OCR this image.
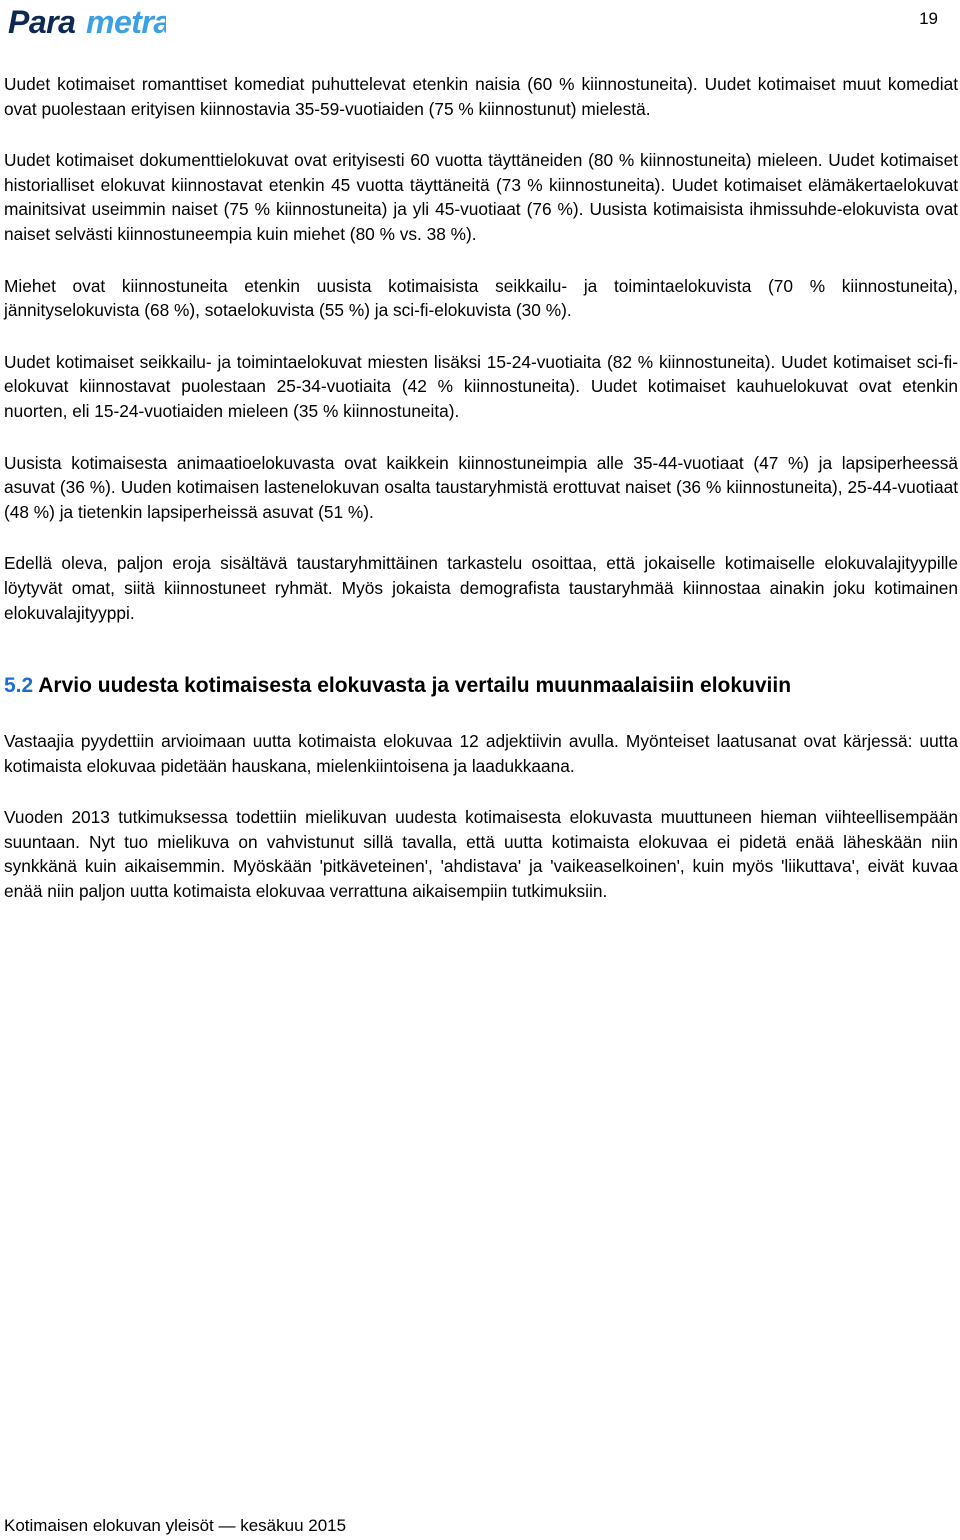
Para metra	19

Uudet kotimaiset romanttiset komediat puhuttelevat etenkin naisia (60 % kiinnostuneita). Uudet kotimaiset muut komediat ovat puolestaan erityisen kiinnostavia 35-59-vuotiaiden (75 % kiinnostunut) mielestä.

Uudet kotimaiset dokumenttielokuvat ovat erityisesti 60 vuotta täyttäneiden (80 % kiinnostuneita) mieleen. Uudet kotimaiset historialliset elokuvat kiinnostavat etenkin 45 vuotta täyttäneitä (73 % kiinnostuneita). Uudet kotimaiset elämäkertaelokuvat mainitsivat useimmin naiset (75 % kiinnostuneita) ja yli 45-vuotiaat (76 %). Uusista kotimaisista ihmissuhde-elokuvista ovat naiset selvästi kiinnostuneempia kuin miehet (80 % vs. 38 %).

Miehet ovat kiinnostuneita etenkin uusista kotimaisista seikkailu- ja toimintaelokuvista (70 % kiinnostuneita), jännityselokuvista (68 %), sotaelokuvista (55 %) ja sci-fi-elokuvista (30 %).

Uudet kotimaiset seikkailu- ja toimintaelokuvat miesten lisäksi 15-24-vuotiaita (82 % kiinnostuneita). Uudet kotimaiset sci-fi-elokuvat kiinnostavat puolestaan 25-34-vuotiaita (42 % kiinnostuneita). Uudet kotimaiset kauhuelokuvat ovat etenkin nuorten, eli 15-24-vuotiaiden mieleen (35 % kiinnostuneita).

Uusista kotimaisesta animaatioelokuvasta ovat kaikkein kiinnostuneimpia alle 35-44-vuotiaat (47 %) ja lapsiperheessä asuvat (36 %). Uuden kotimaisen lastenelokuvan osalta taustaryhmistä erottuvat naiset (36 % kiinnostuneita), 25-44-vuotiaat (48 %) ja tietenkin lapsiperheissä asuvat (51 %).

Edellä oleva, paljon eroja sisältävä taustaryhmittäinen tarkastelu osoittaa, että jokaiselle kotimaiselle elokuvalajityypille löytyvät omat, siitä kiinnostuneet ryhmät. Myös jokaista demografista taustaryhmää kiinnostaa ainakin joku kotimainen elokuvalajityyppi.

5.2 Arvio uudesta kotimaisesta elokuvasta ja vertailu muunmaalaisiin elokuviin

Vastaajia pyydettiin arvioimaan uutta kotimaista elokuvaa 12 adjektiivin avulla. Myönteiset laatusanat ovat kärjessä: uutta kotimaista elokuvaa pidetään hauskana, mielenkiintoisena ja laadukkaana.

Vuoden 2013 tutkimuksessa todettiin mielikuvan uudesta kotimaisesta elokuvasta muuttuneen hieman viihteellisempään suuntaan. Nyt tuo mielikuva on vahvistunut sillä tavalla, että uutta kotimaista elokuvaa ei pidetä enää läheskään niin synkkänä kuin aikaisemmin. Myöskään 'pitkäveteinen', 'ahdistava' ja 'vaikeaselkoinen', kuin myös 'liikuttava', eivät kuvaa enää niin paljon uutta kotimaista elokuvaa verrattuna aikaisempiin tutkimuksiin.

Kotimaisen elokuvan yleisöt — kesäkuu 2015
